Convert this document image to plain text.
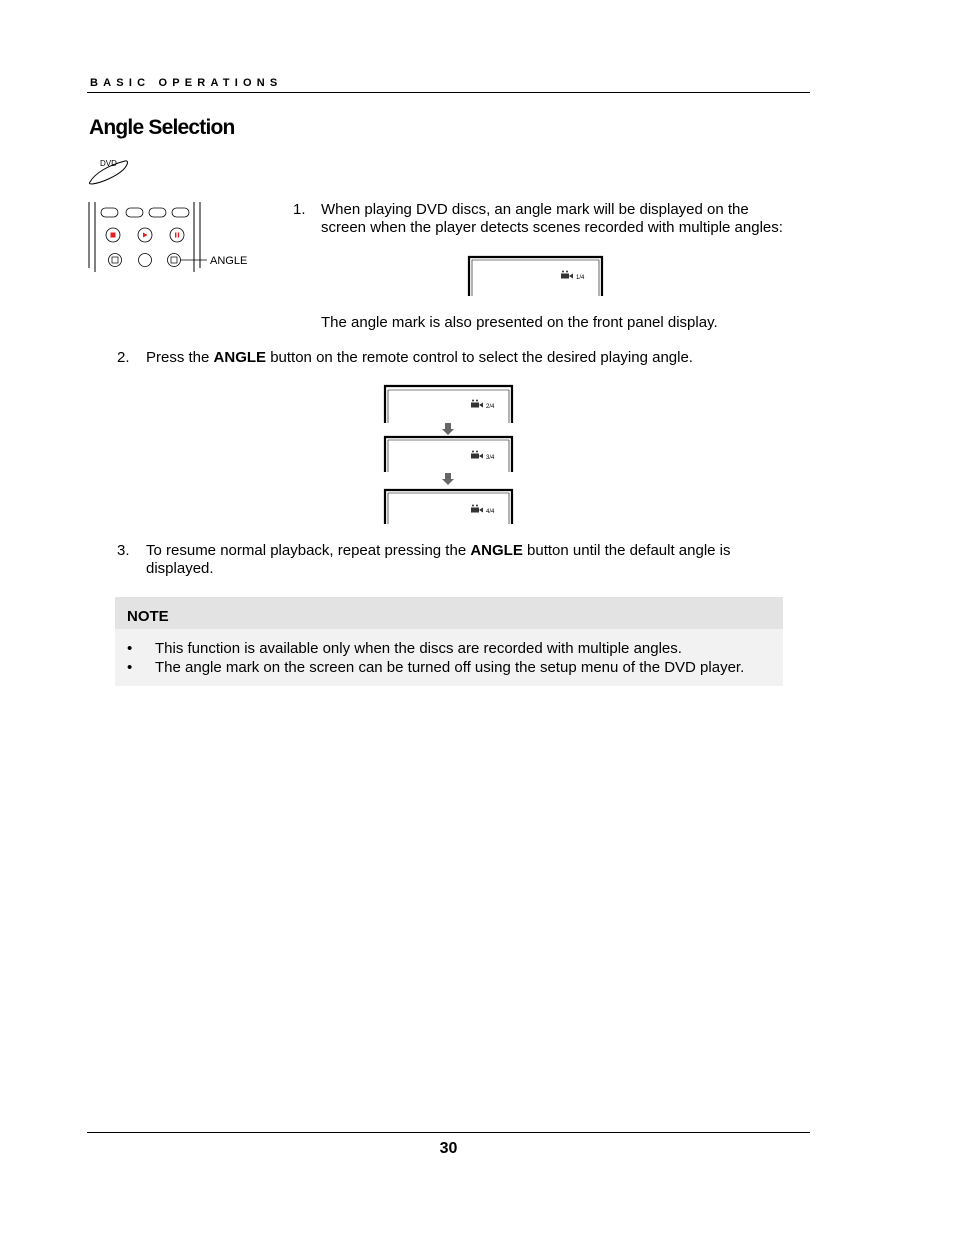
BASIC OPERATIONS
Angle Selection
DVD
ANGLE
1.	When playing DVD discs, an angle mark will be displayed on the
screen when the player detects scenes recorded with multiple angles:
1/4
The angle mark is also presented on the front panel display.
2.	Press the ANGLE button on the remote control to select the desired playing angle.
2/4
3/4
4/4
3.	To resume normal playback, repeat pressing the ANGLE button until the default angle is
displayed.
NOTE
• This function is available only when the discs are recorded with multiple angles.
• The angle mark on the screen can be turned off using the setup menu of the DVD player.
30
